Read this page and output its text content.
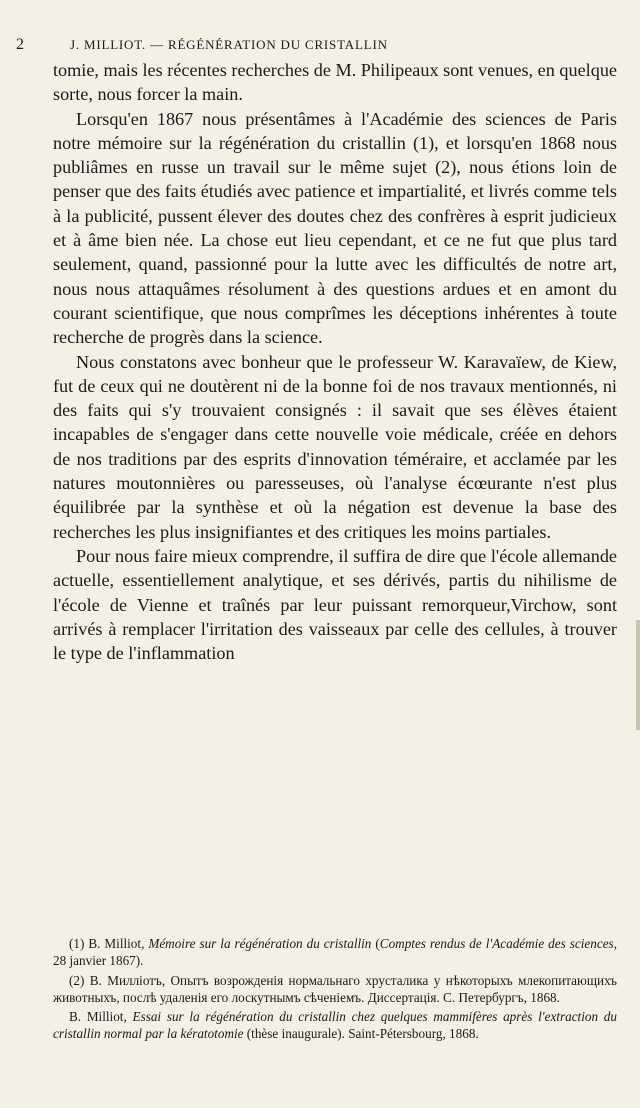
2	J. MILLIOT. — RÉGÉNÉRATION DU CRISTALLIN

tomie, mais les récentes recherches de M. Philipeaux sont venues, en quelque sorte, nous forcer la main.

Lorsqu'en 1867 nous présentâmes à l'Académie des sciences de Paris notre mémoire sur la régénération du cristallin (1), et lorsqu'en 1868 nous publiâmes en russe un travail sur le même sujet (2), nous étions loin de penser que des faits étudiés avec patience et impartialité, et livrés comme tels à la publicité, pussent élever des doutes chez des confrères à esprit judicieux et à âme bien née. La chose eut lieu cependant, et ce ne fut que plus tard seulement, quand, passionné pour la lutte avec les difficultés de notre art, nous nous attaquâmes résolument à des questions ardues et en amont du courant scientifique, que nous comprîmes les déceptions inhérentes à toute recherche de progrès dans la science.

Nous constatons avec bonheur que le professeur W. Karavaïew, de Kiew, fut de ceux qui ne doutèrent ni de la bonne foi de nos travaux mentionnés, ni des faits qui s'y trouvaient consignés : il savait que ses élèves étaient incapables de s'engager dans cette nouvelle voie médicale, créée en dehors de nos traditions par des esprits d'innovation téméraire, et acclamée par les natures moutonnières ou paresseuses, où l'analyse écœurante n'est plus équilibrée par la synthèse et où la négation est devenue la base des recherches les plus insignifiantes et des critiques les moins partiales.

Pour nous faire mieux comprendre, il suffira de dire que l'école allemande actuelle, essentiellement analytique, et ses dérivés, partis du nihilisme de l'école de Vienne et traînés par leur puissant remorqueur,Virchow, sont arrivés à remplacer l'irritation des vaisseaux par celle des cellules, à trouver le type de l'inflammation

(1) B. Milliot, Mémoire sur la régénération du cristallin (Comptes rendus de l'Académie des sciences, 28 janvier 1867).

(2) В. Миллiотъ, Опытъ возрожденiя нормальнаго хрусталика у нѣкоторыхъ млекопитающихъ животныхъ, послѣ удаленiя его лоскутнымъ сѣченiемъ. Диссертацiя. С. Петербургъ, 1868.

B. Milliot, Essai sur la régénération du cristallin chez quelques mammifères après l'extraction du cristallin normal par la kératotomie (thèse inaugurale). Saint-Pétersbourg, 1868.
